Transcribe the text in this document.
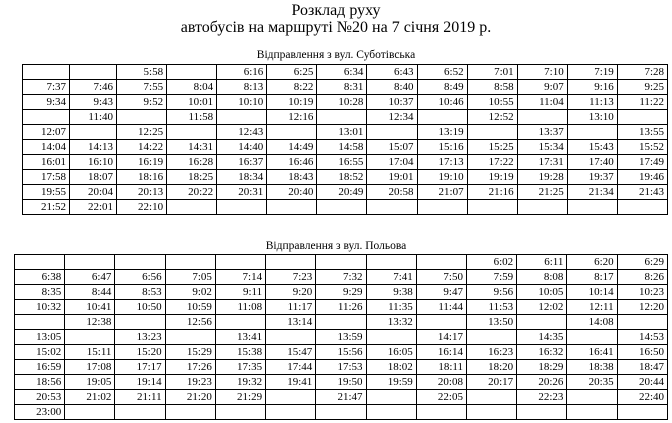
Розклад руху
автобусів на маршруті №20 на 7 січня 2019 р.
Відправлення з вул. Суботівська
		5:58		6:16	6:25	6:34	6:43	6:52	7:01	7:10	7:19	7:28
7:37	7:46	7:55	8:04	8:13	8:22	8:31	8:40	8:49	8:58	9:07	9:16	9:25
9:34	9:43	9:52	10:01	10:10	10:19	10:28	10:37	10:46	10:55	11:04	11:13	11:22
	11:40		11:58		12:16		12:34		12:52		13:10	
12:07		12:25		12:43		13:01		13:19		13:37		13:55
14:04	14:13	14:22	14:31	14:40	14:49	14:58	15:07	15:16	15:25	15:34	15:43	15:52
16:01	16:10	16:19	16:28	16:37	16:46	16:55	17:04	17:13	17:22	17:31	17:40	17:49
17:58	18:07	18:16	18:25	18:34	18:43	18:52	19:01	19:10	19:19	19:28	19:37	19:46
19:55	20:04	20:13	20:22	20:31	20:40	20:49	20:58	21:07	21:16	21:25	21:34	21:43
21:52	22:01	22:10										
Відправлення з вул. Польова
									6:02	6:11	6:20	6:29
6:38	6:47	6:56	7:05	7:14	7:23	7:32	7:41	7:50	7:59	8:08	8:17	8:26
8:35	8:44	8:53	9:02	9:11	9:20	9:29	9:38	9:47	9:56	10:05	10:14	10:23
10:32	10:41	10:50	10:59	11:08	11:17	11:26	11:35	11:44	11:53	12:02	12:11	12:20
	12:38		12:56		13:14		13:32		13:50		14:08	
13:05		13:23		13:41		13:59		14:17		14:35		14:53
15:02	15:11	15:20	15:29	15:38	15:47	15:56	16:05	16:14	16:23	16:32	16:41	16:50
16:59	17:08	17:17	17:26	17:35	17:44	17:53	18:02	18:11	18:20	18:29	18:38	18:47
18:56	19:05	19:14	19:23	19:32	19:41	19:50	19:59	20:08	20:17	20:26	20:35	20:44
20:53	21:02	21:11	21:20	21:29		21:47		22:05		22:23		22:40
23:00												
